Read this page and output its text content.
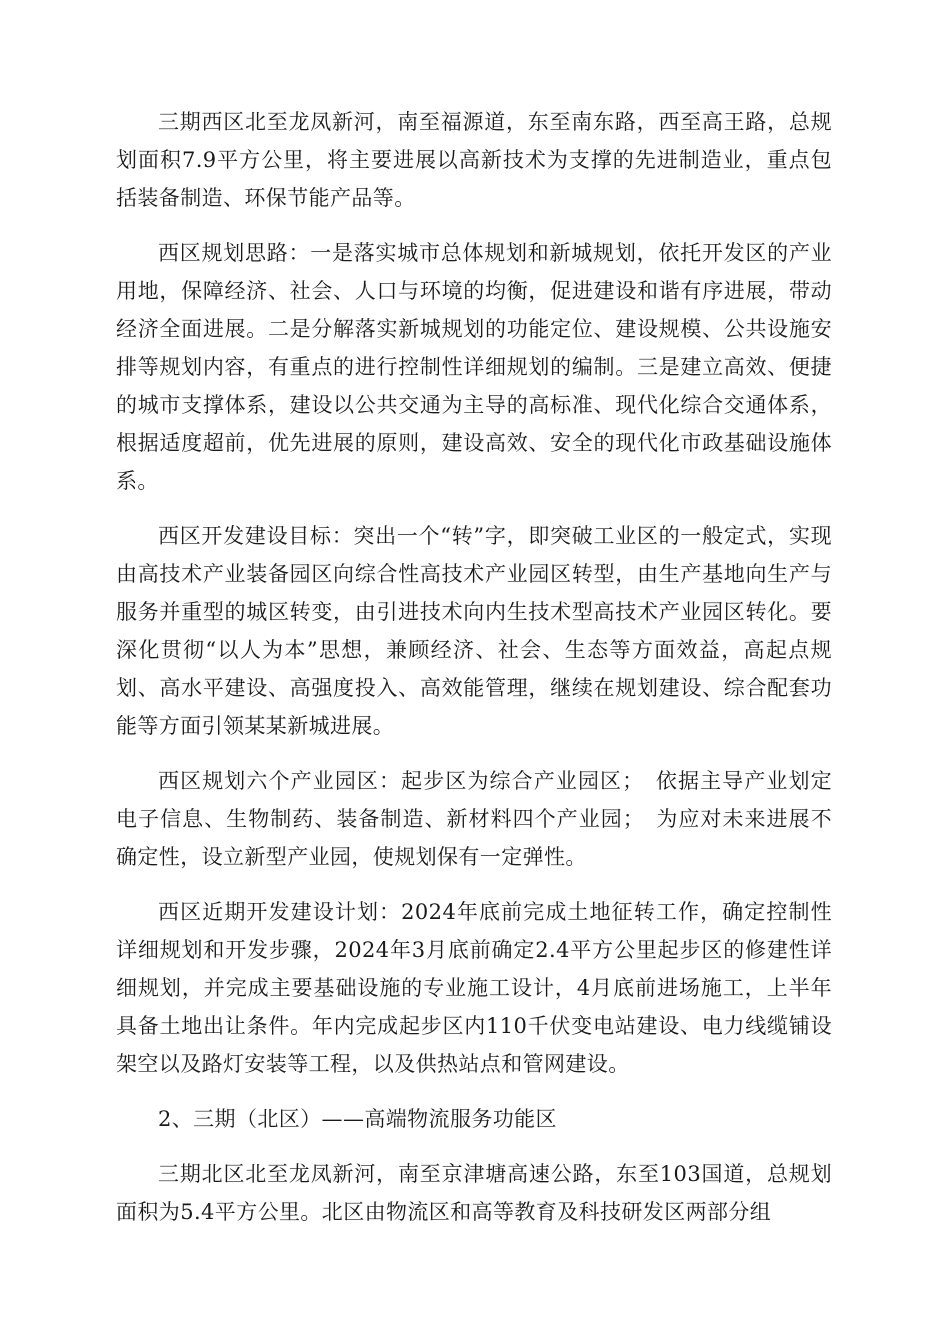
三期西区北至龙凤新河，南至福源道，东至南东路，西至高王路，总规划面积7.9平方公里，将主要进展以高新技术为支撑的先进制造业，重点包括装备制造、环保节能产品等。

西区规划思路：一是落实城市总体规划和新城规划，依托开发区的产业用地，保障经济、社会、人口与环境的均衡，促进建设和谐有序进展，带动经济全面进展。二是分解落实新城规划的功能定位、建设规模、公共设施安排等规划内容，有重点的进行控制性详细规划的编制。三是建立高效、便捷的城市支撑体系，建设以公共交通为主导的高标准、现代化综合交通体系，根据适度超前，优先进展的原则，建设高效、安全的现代化市政基础设施体系。

西区开发建设目标：突出一个“转”字，即突破工业区的一般定式，实现由高技术产业装备园区向综合性高技术产业园区转型，由生产基地向生产与服务并重型的城区转变，由引进技术向内生技术型高技术产业园区转化。要深化贯彻“以人为本”思想，兼顾经济、社会、生态等方面效益，高起点规划、高水平建设、高强度投入、高效能管理，继续在规划建设、综合配套功能等方面引领某某新城进展。

西区规划六个产业园区：起步区为综合产业园区；　依据主导产业划定电子信息、生物制药、装备制造、新材料四个产业园；　为应对未来进展不确定性，设立新型产业园，使规划保有一定弹性。

西区近期开发建设计划：2024年底前完成土地征转工作，确定控制性详细规划和开发步骤，2024年3月底前确定2.4平方公里起步区的修建性详细规划，并完成主要基础设施的专业施工设计，4月底前进场施工，上半年具备土地出让条件。年内完成起步区内110千伏变电站建设、电力线缆铺设架空以及路灯安装等工程，以及供热站点和管网建设。

2、三期（北区）——高端物流服务功能区

三期北区北至龙凤新河，南至京津塘高速公路，东至103国道，总规划面积为5.4平方公里。北区由物流区和高等教育及科技研发区两部分组
